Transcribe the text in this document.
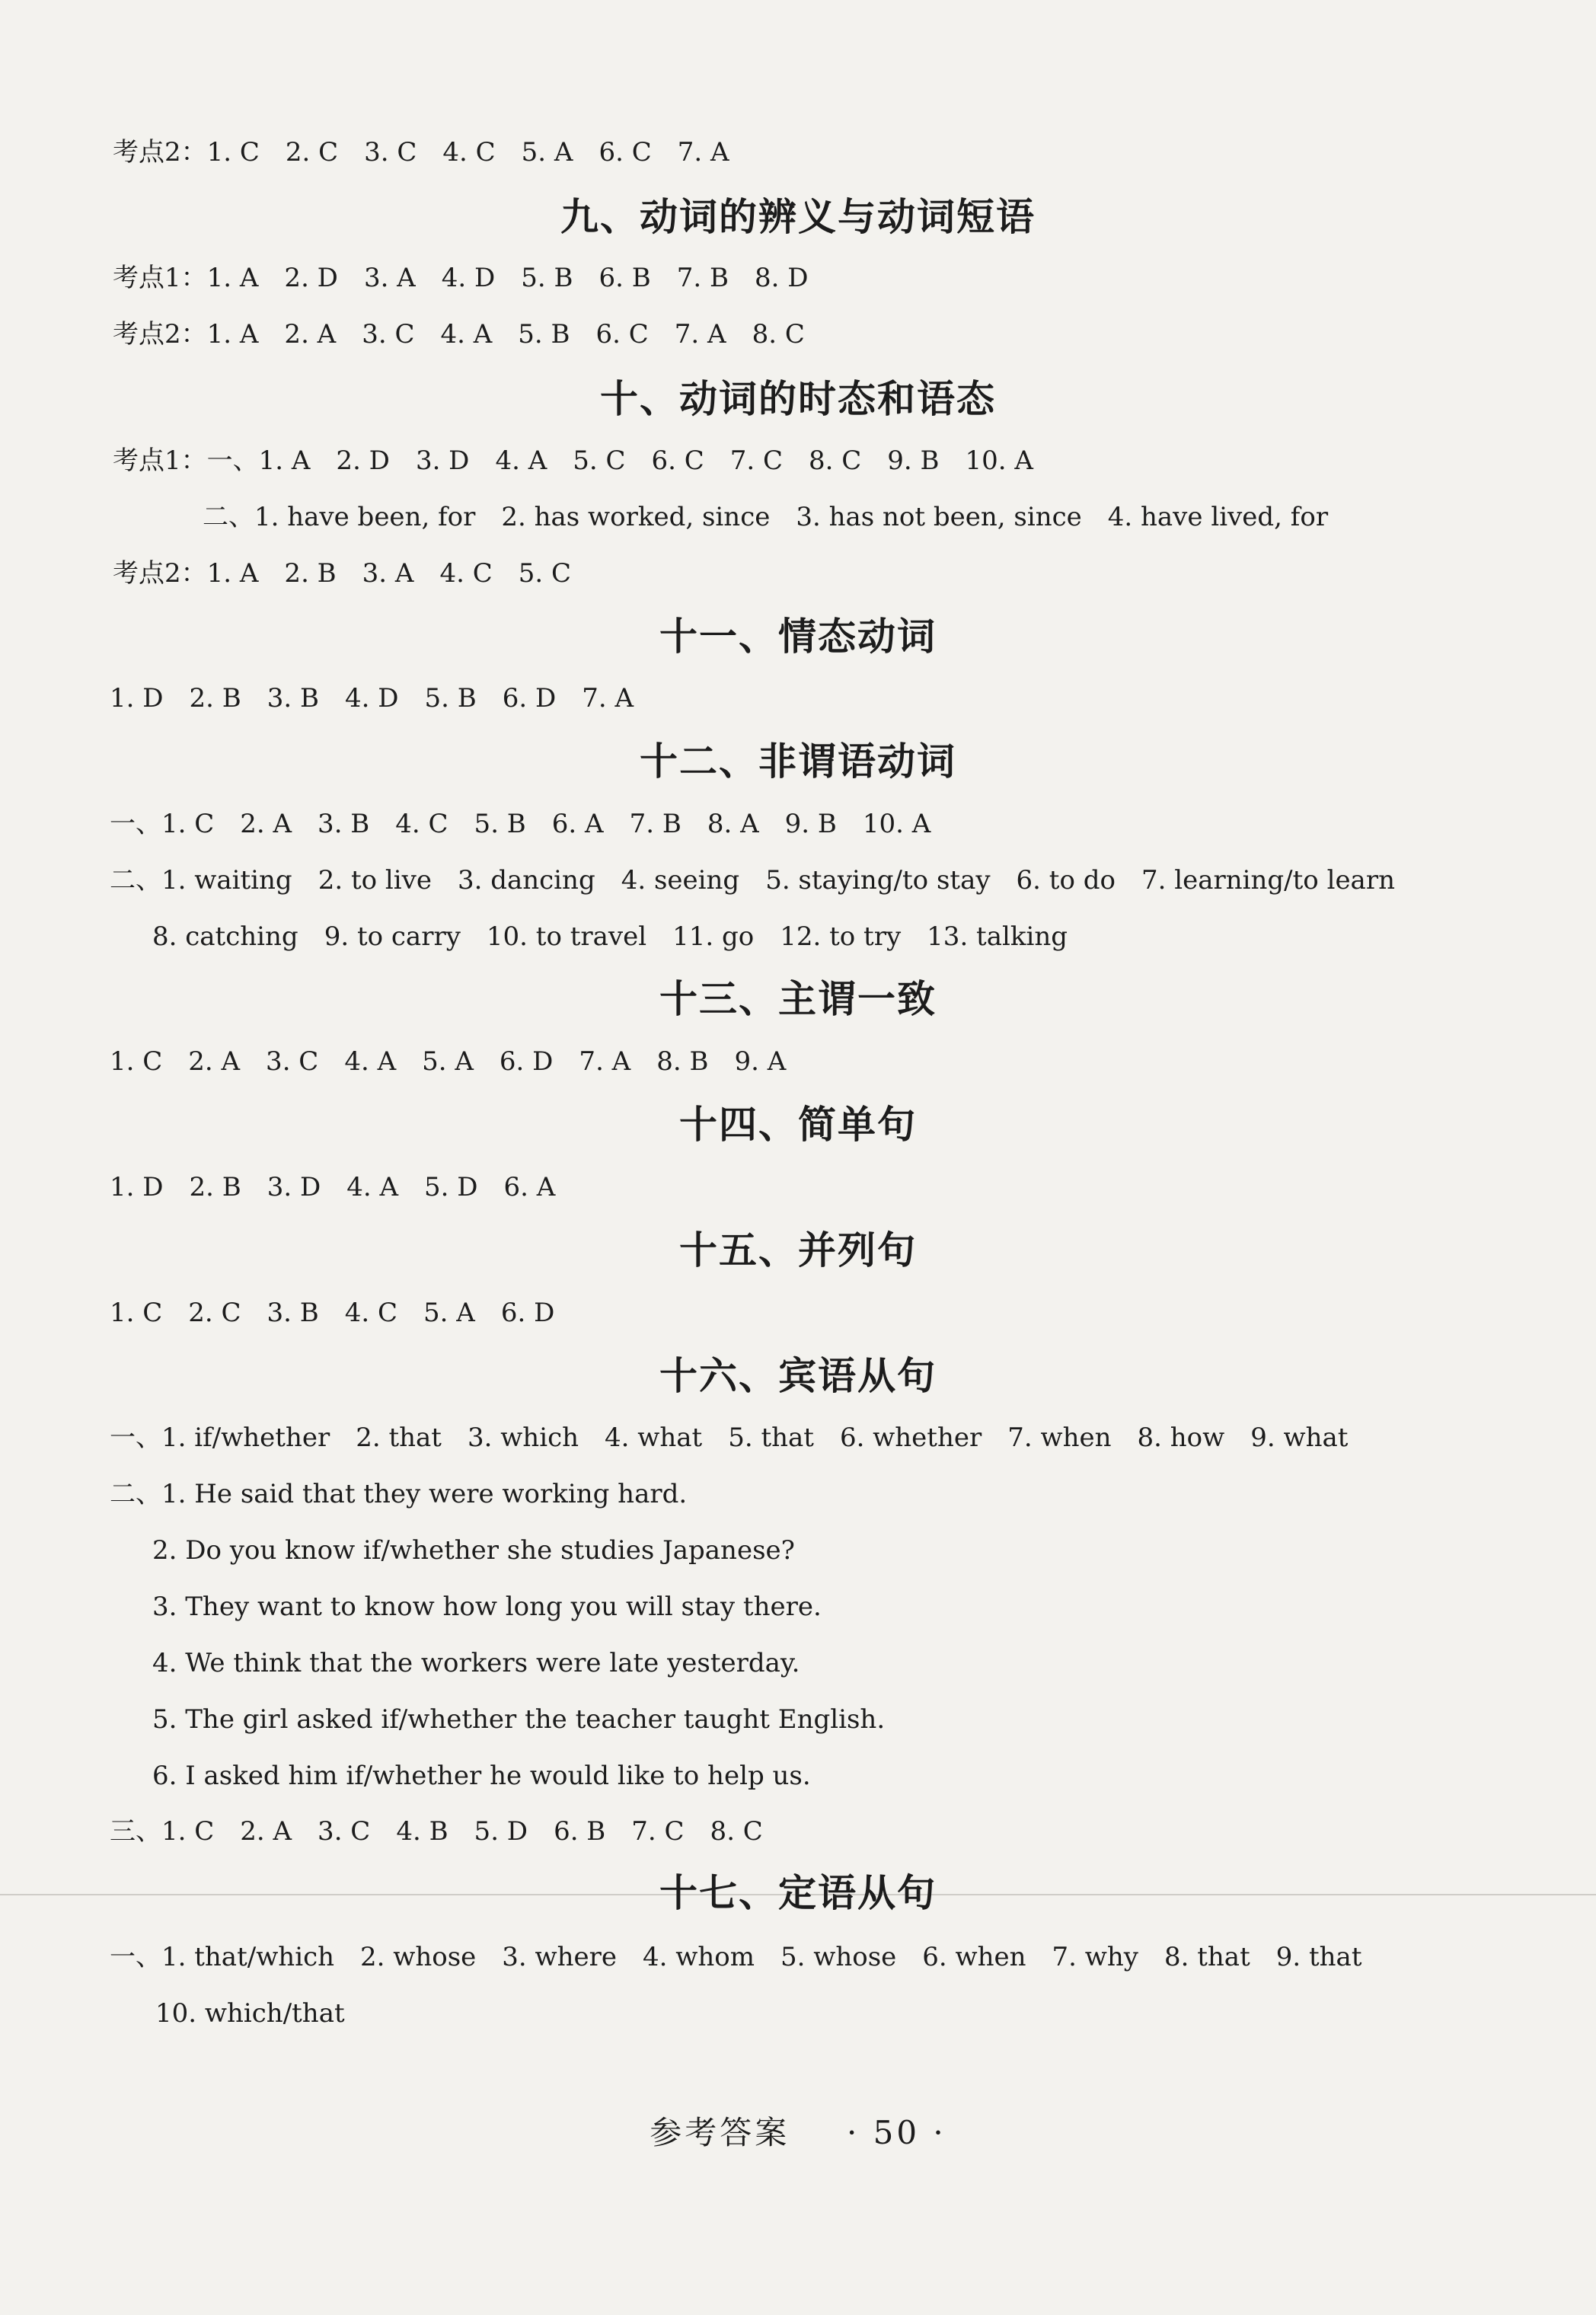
考点2：1. C　2. C　3. C　4. C　5. A　6. C　7. A
九、动词的辨义与动词短语
考点1：1. A　2. D　3. A　4. D　5. B　6. B　7. B　8. D
考点2：1. A　2. A　3. C　4. A　5. B　6. C　7. A　8. C
十、动词的时态和语态
考点1：一、1. A　2. D　3. D　4. A　5. C　6. C　7. C　8. C　9. B　10. A
二、1. have been, for　2. has worked, since　3. has not been, since　4. have lived, for
考点2：1. A　2. B　3. A　4. C　5. C
十一、情态动词
1. D　2. B　3. B　4. D　5. B　6. D　7. A
十二、非谓语动词
一、1. C　2. A　3. B　4. C　5. B　6. A　7. B　8. A　9. B　10. A
二、1. waiting　2. to live　3. dancing　4. seeing　5. staying/to stay　6. to do　7. learning/to learn
8. catching　9. to carry　10. to travel　11. go　12. to try　13. talking
十三、主谓一致
1. C　2. A　3. C　4. A　5. A　6. D　7. A　8. B　9. A
十四、简单句
1. D　2. B　3. D　4. A　5. D　6. A
十五、并列句
1. C　2. C　3. B　4. C　5. A　6. D
十六、宾语从句
一、1. if/whether　2. that　3. which　4. what　5. that　6. whether　7. when　8. how　9. what
二、1. He said that they were working hard.
2. Do you know if/whether she studies Japanese?
3. They want to know how long you will stay there.
4. We think that the workers were late yesterday.
5. The girl asked if/whether the teacher taught English.
6. I asked him if/whether he would like to help us.
三、1. C　2. A　3. C　4. B　5. D　6. B　7. C　8. C
十七、定语从句
一、1. that/which　2. whose　3. where　4. whom　5. whose　6. when　7. why　8. that　9. that
10. which/that
参考答案 · 50 ·
